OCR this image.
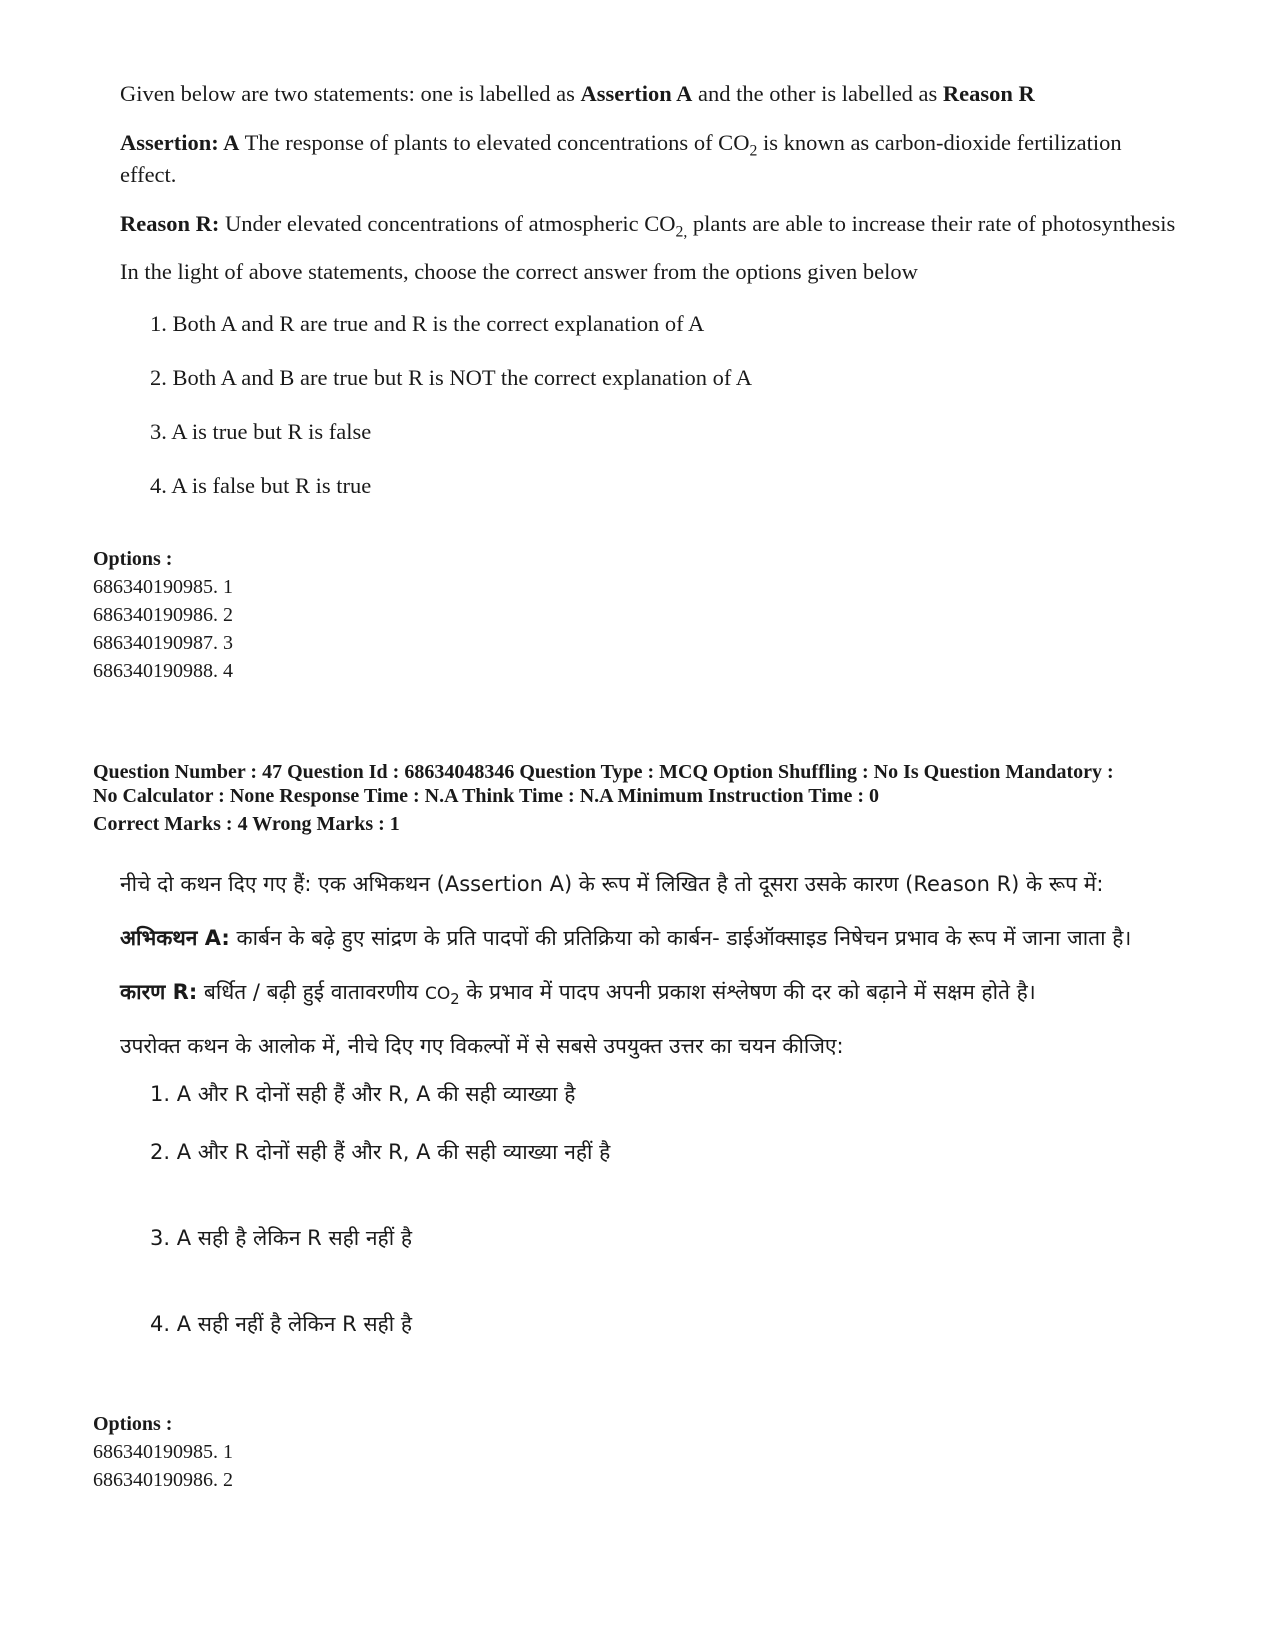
Given below are two statements: one is labelled as Assertion A and the other is labelled as Reason R

Assertion: A The response of plants to elevated concentrations of $CO_2$ is known as carbon-dioxide fertilization effect.

Reason R: Under elevated concentrations of atmospheric $CO_{2,}$ plants are able to increase their rate of photosynthesis

In the light of above statements, choose the correct answer from the options given below

1. Both A and R are true and R is the correct explanation of A
2. Both A and B are true but R is NOT the correct explanation of A
3. A is true but R is false
4. A is false but R is true
Options :
686340190985. 1
686340190986. 2
686340190987. 3
686340190988. 4
Question Number : 47 Question Id : 68634048346 Question Type : MCQ Option Shuffling : No Is Question Mandatory :
No Calculator : None Response Time : N.A Think Time : N.A Minimum Instruction Time : 0
Correct Marks : 4 Wrong Marks : 1

नीचे दो कथन दिए गए हैं: एक अभिकथन (Assertion A) के रूप में लिखित है तो दूसरा उसके कारण (Reason R) के रूप में:

अभिकथन A: कार्बन के बढ़े हुए सांद्रण के प्रति पादपों की प्रतिक्रिया को कार्बन- डाईऑक्साइड निषेचन प्रभाव के रूप में जाना जाता है।

कारण R: बर्धित / बढ़ी हुई वातावरणीय $CO_2$ के प्रभाव में पादप अपनी प्रकाश संश्लेषण की दर को बढ़ाने में सक्षम होते है।

उपरोक्त कथन के आलोक में, नीचे दिए गए विकल्पों में से सबसे उपयुक्त उत्तर का चयन कीजिए:

1. A और R दोनों सही हैं और R, A की सही व्याख्या है
2. A और R दोनों सही हैं और R, A की सही व्याख्या नहीं है
3. A सही है लेकिन R सही नहीं है
4. A सही नहीं है लेकिन R सही है
Options :
686340190985. 1
686340190986. 2
